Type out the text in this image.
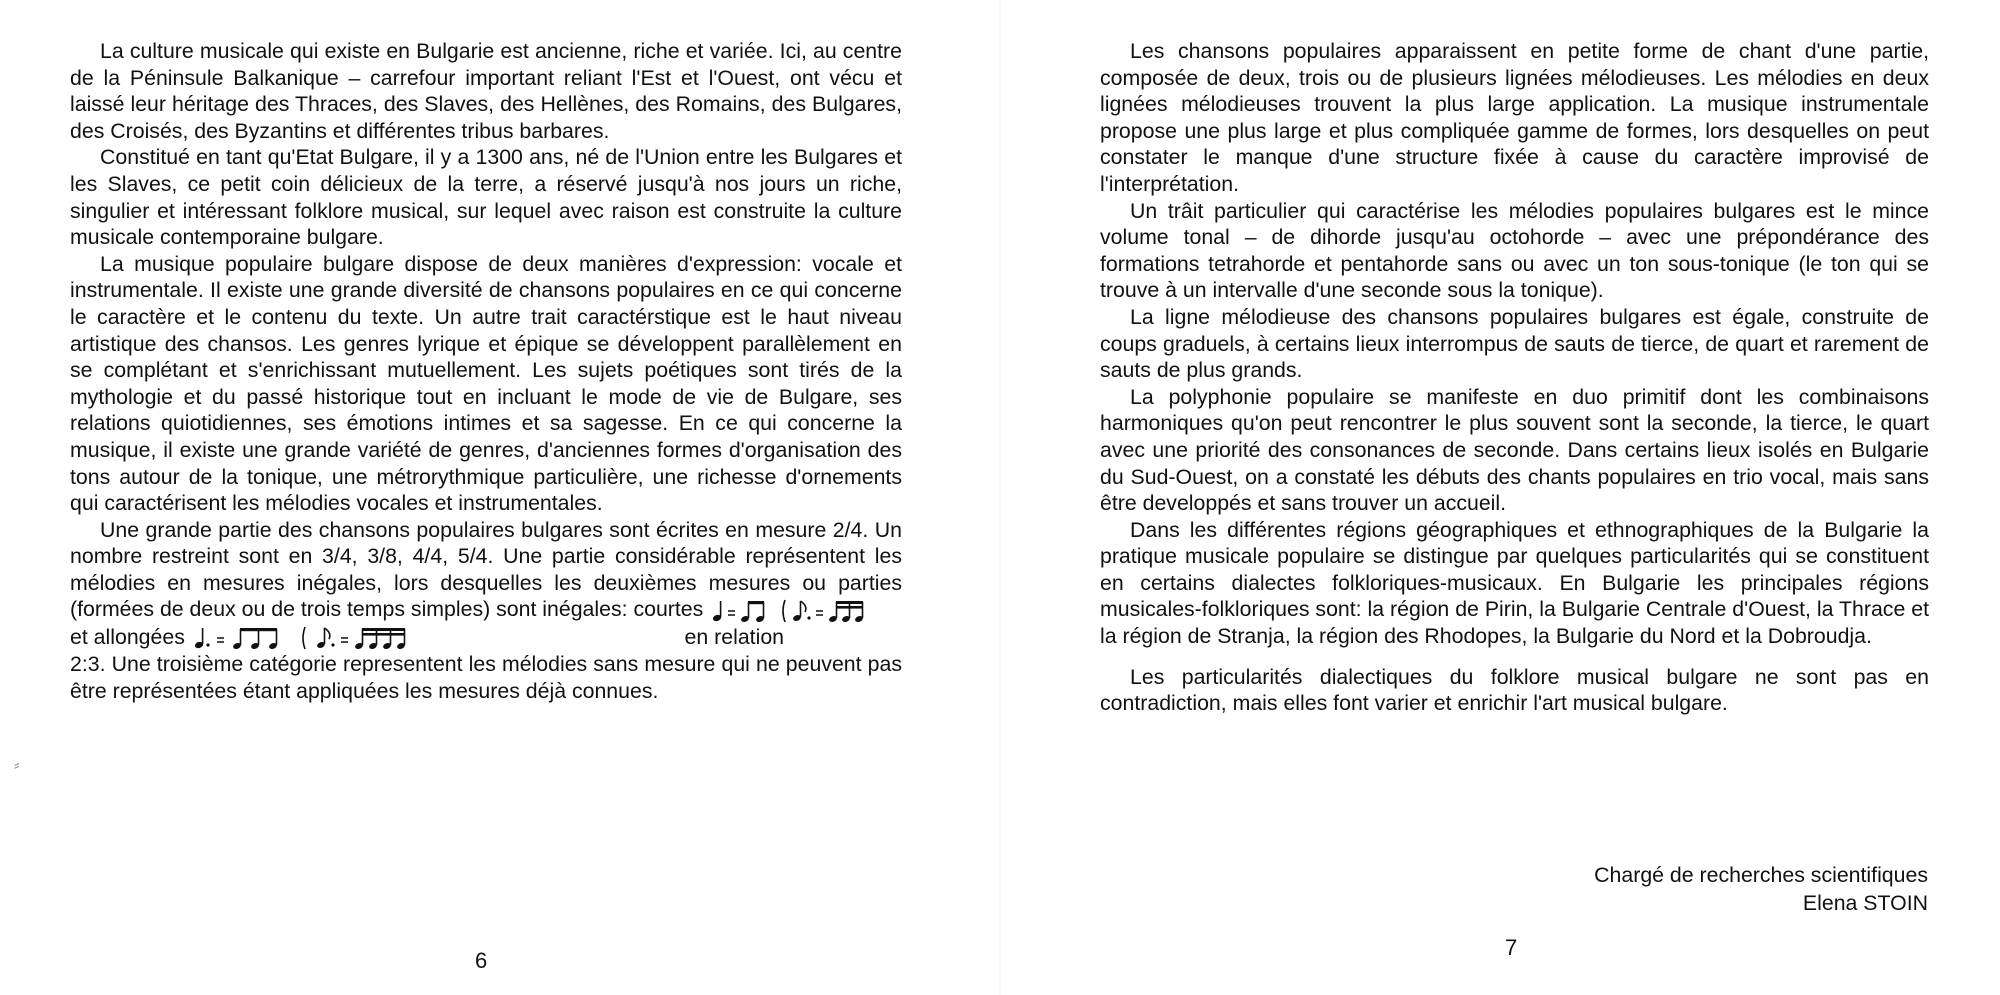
⸗

La culture musicale qui existe en Bulgarie est ancienne, riche et variée. Ici, au centre de la Péninsule Balkanique – carrefour important reliant l'Est et l'Ouest, ont vécu et laissé leur héritage des Thraces, des Slaves, des Hellènes, des Romains, des Bulgares, des Croisés, des Byzantins et différentes tribus barbares.

Constitué en tant qu'Etat Bulgare, il y a 1300 ans, né de l'Union entre les Bulgares et les Slaves, ce petit coin délicieux de la terre, a réservé jusqu'à nos jours un riche, singulier et intéressant folklore musical, sur lequel avec raison est construite la culture musicale contemporaine bulgare.

La musique populaire bulgare dispose de deux manières d'expression: vocale et instrumentale. Il existe une grande diversité de chansons populaires en ce qui concerne le caractère et le contenu du texte. Un autre trait caractérstique est le haut niveau artistique des chansos. Les genres lyrique et épique se développent parallèlement en se complétant et s'enrichissant mutuellement. Les sujets poétiques sont tirés de la mythologie et du passé historique tout en incluant le mode de vie de Bulgare, ses relations quiotidiennes, ses émotions intimes et sa sagesse. En ce qui concerne la musique, il existe une grande variété de genres, d'anciennes formes d'organisation des tons autour de la tonique, une métrorythmique particulière, une richesse d'ornements qui caractérisent les mélodies vocales et instrumentales.

Une grande partie des chansons populaires bulgares sont écrites en mesure 2/4. Un nombre restreint sont en 3/4, 3/8, 4/4, 5/4. Une partie considérable représentent les mélodies en mesures inégales, lors desquelles les deuxièmes mesures ou parties (formées de deux ou de trois temps simples) sont inégales: courtes

et allongées
	en relation

2:3. Une troisième catégorie representent les mélodies sans mesure qui ne peuvent pas être représentées étant appliquées les mesures déjà connues.

6

Les chansons populaires apparaissent en petite forme de chant d'une partie, composée de deux, trois ou de plusieurs lignées mélodieuses. Les mélodies en deux lignées mélodieuses trouvent la plus large application. La musique instrumentale propose une plus large et plus compliquée gamme de formes, lors desquelles on peut constater le manque d'une structure fixée à cause du caractère improvisé de l'interprétation.

Un trâit particulier qui caractérise les mélodies populaires bulgares est le mince volume tonal – de dihorde jusqu'au octohorde – avec une prépondérance des formations tetrahorde et pentahorde sans ou avec un ton sous-tonique (le ton qui se trouve à un intervalle d'une seconde sous la tonique).

La ligne mélodieuse des chansons populaires bulgares est égale, construite de coups graduels, à certains lieux interrompus de sauts de tierce, de quart et rarement de sauts de plus grands.

La polyphonie populaire se manifeste en duo primitif dont les combinaisons harmoniques qu'on peut rencontrer le plus souvent sont la seconde, la tierce, le quart avec une priorité des consonances de seconde. Dans certains lieux isolés en Bulgarie du Sud-Ouest, on a constaté les débuts des chants populaires en trio vocal, mais sans être developpés et sans trouver un accueil.

Dans les différentes régions géographiques et ethnographiques de la Bulgarie la pratique musicale populaire se distingue par quelques particularités qui se constituent en certains dialectes folkloriques-musicaux. En Bulgarie les principales régions musicales-folkloriques sont: la région de Pirin, la Bulgarie Centrale d'Ouest, la Thrace et la région de Stranja, la région des Rhodopes, la Bulgarie du Nord et la Dobroudja.

Les particularités dialectiques du folklore musical bulgare ne sont pas en contradiction, mais elles font varier et enrichir l'art musical bulgare.

Chargé de recherches scientifiques
Elena STOIN
7
